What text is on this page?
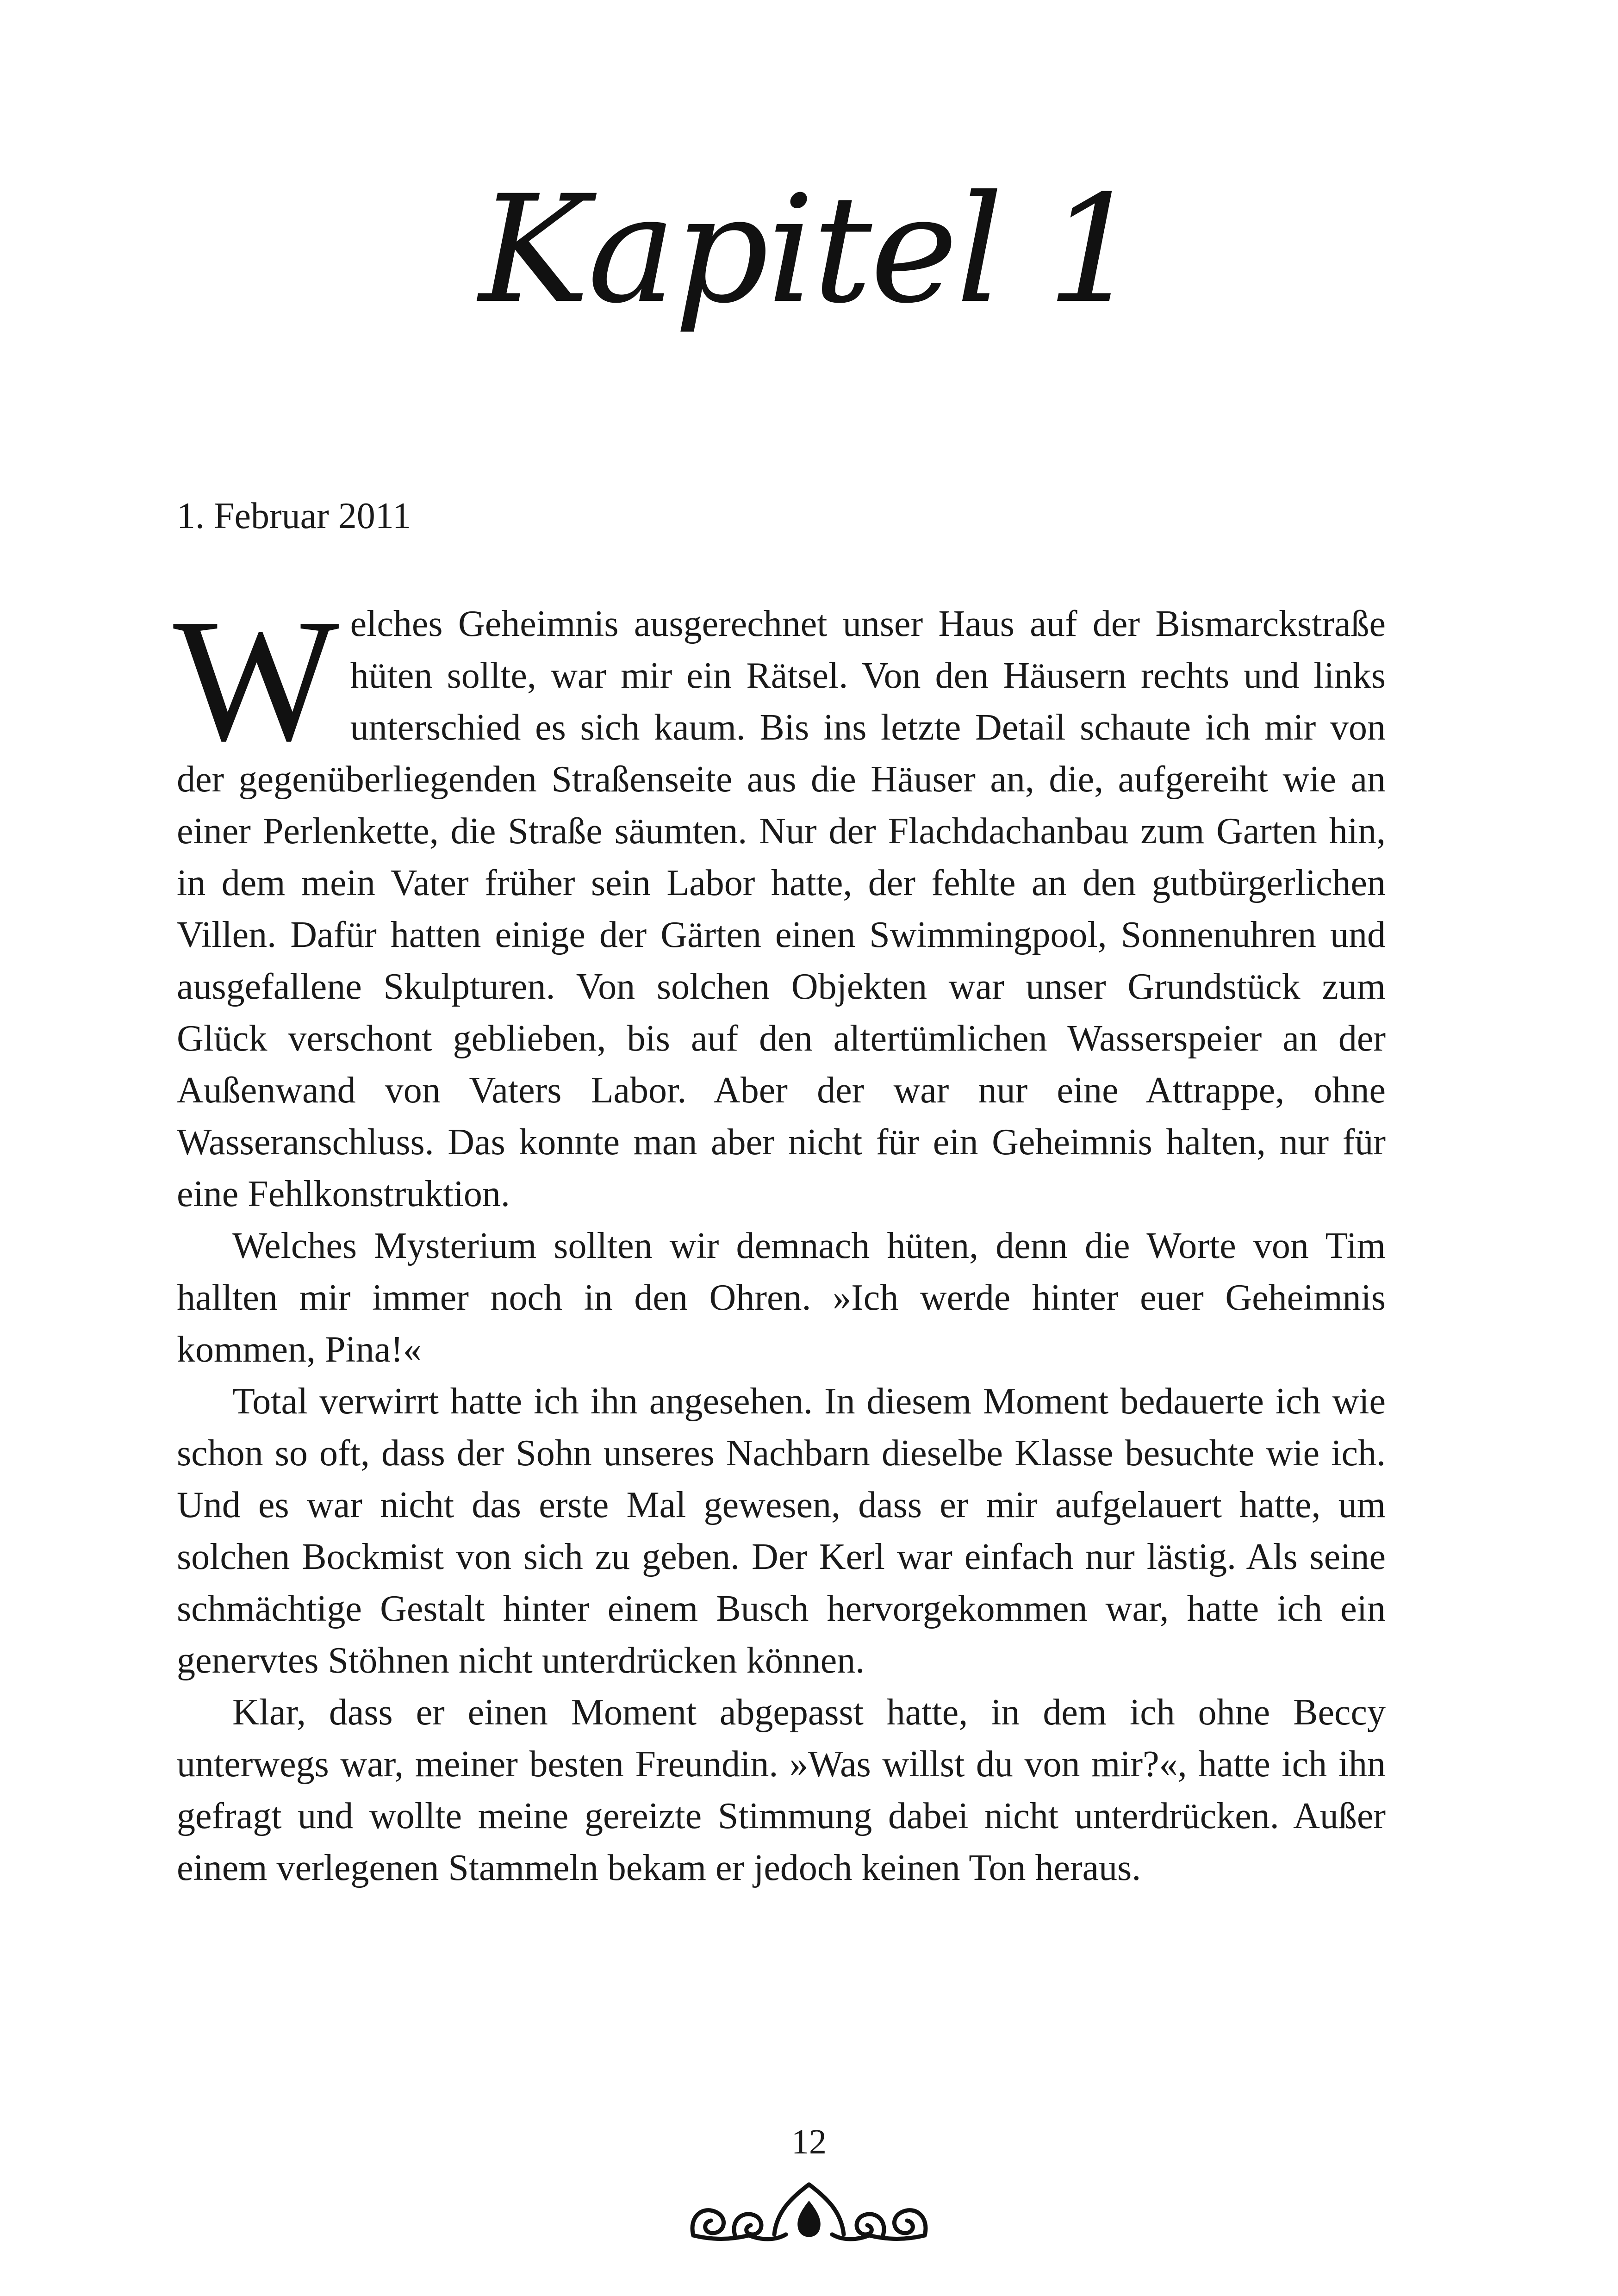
Kapitel 1
1. Februar 2011

Welches Geheimnis ausgerechnet unser Haus auf der Bismarckstraße hüten sollte, war mir ein Rätsel. Von den Häusern rechts und links unterschied es sich kaum. Bis ins letzte Detail schaute ich mir von der gegenüberliegenden Straßenseite aus die Häuser an, die, aufgereiht wie an einer Perlenkette, die Straße säumten. Nur der Flachdachanbau zum Garten hin, in dem mein Vater früher sein Labor hatte, der fehlte an den gutbürgerlichen Villen. Dafür hatten einige der Gärten einen Swimmingpool, Sonnenuhren und ausgefallene Skulpturen. Von solchen Objekten war unser Grundstück zum Glück verschont geblieben, bis auf den altertümlichen Wasserspeier an der Außenwand von Vaters Labor. Aber der war nur eine Attrappe, ohne Wasseranschluss. Das konnte man aber nicht für ein Geheimnis halten, nur für eine Fehlkonstruktion.

Welches Mysterium sollten wir demnach hüten, denn die Worte von Tim hallten mir immer noch in den Ohren. »Ich werde hinter euer Geheimnis kommen, Pina!«

Total verwirrt hatte ich ihn angesehen. In diesem Moment bedauerte ich wie schon so oft, dass der Sohn unseres Nachbarn dieselbe Klasse besuchte wie ich. Und es war nicht das erste Mal gewesen, dass er mir aufgelauert hatte, um solchen Bockmist von sich zu geben. Der Kerl war einfach nur lästig. Als seine schmächtige Gestalt hinter einem Busch hervorgekommen war, hatte ich ein genervtes Stöhnen nicht unterdrücken können.

Klar, dass er einen Moment abgepasst hatte, in dem ich ohne Beccy unterwegs war, meiner besten Freundin. »Was willst du von mir?«, hatte ich ihn gefragt und wollte meine gereizte Stimmung dabei nicht unterdrücken. Außer einem verlegenen Stammeln bekam er jedoch keinen Ton heraus.

12
